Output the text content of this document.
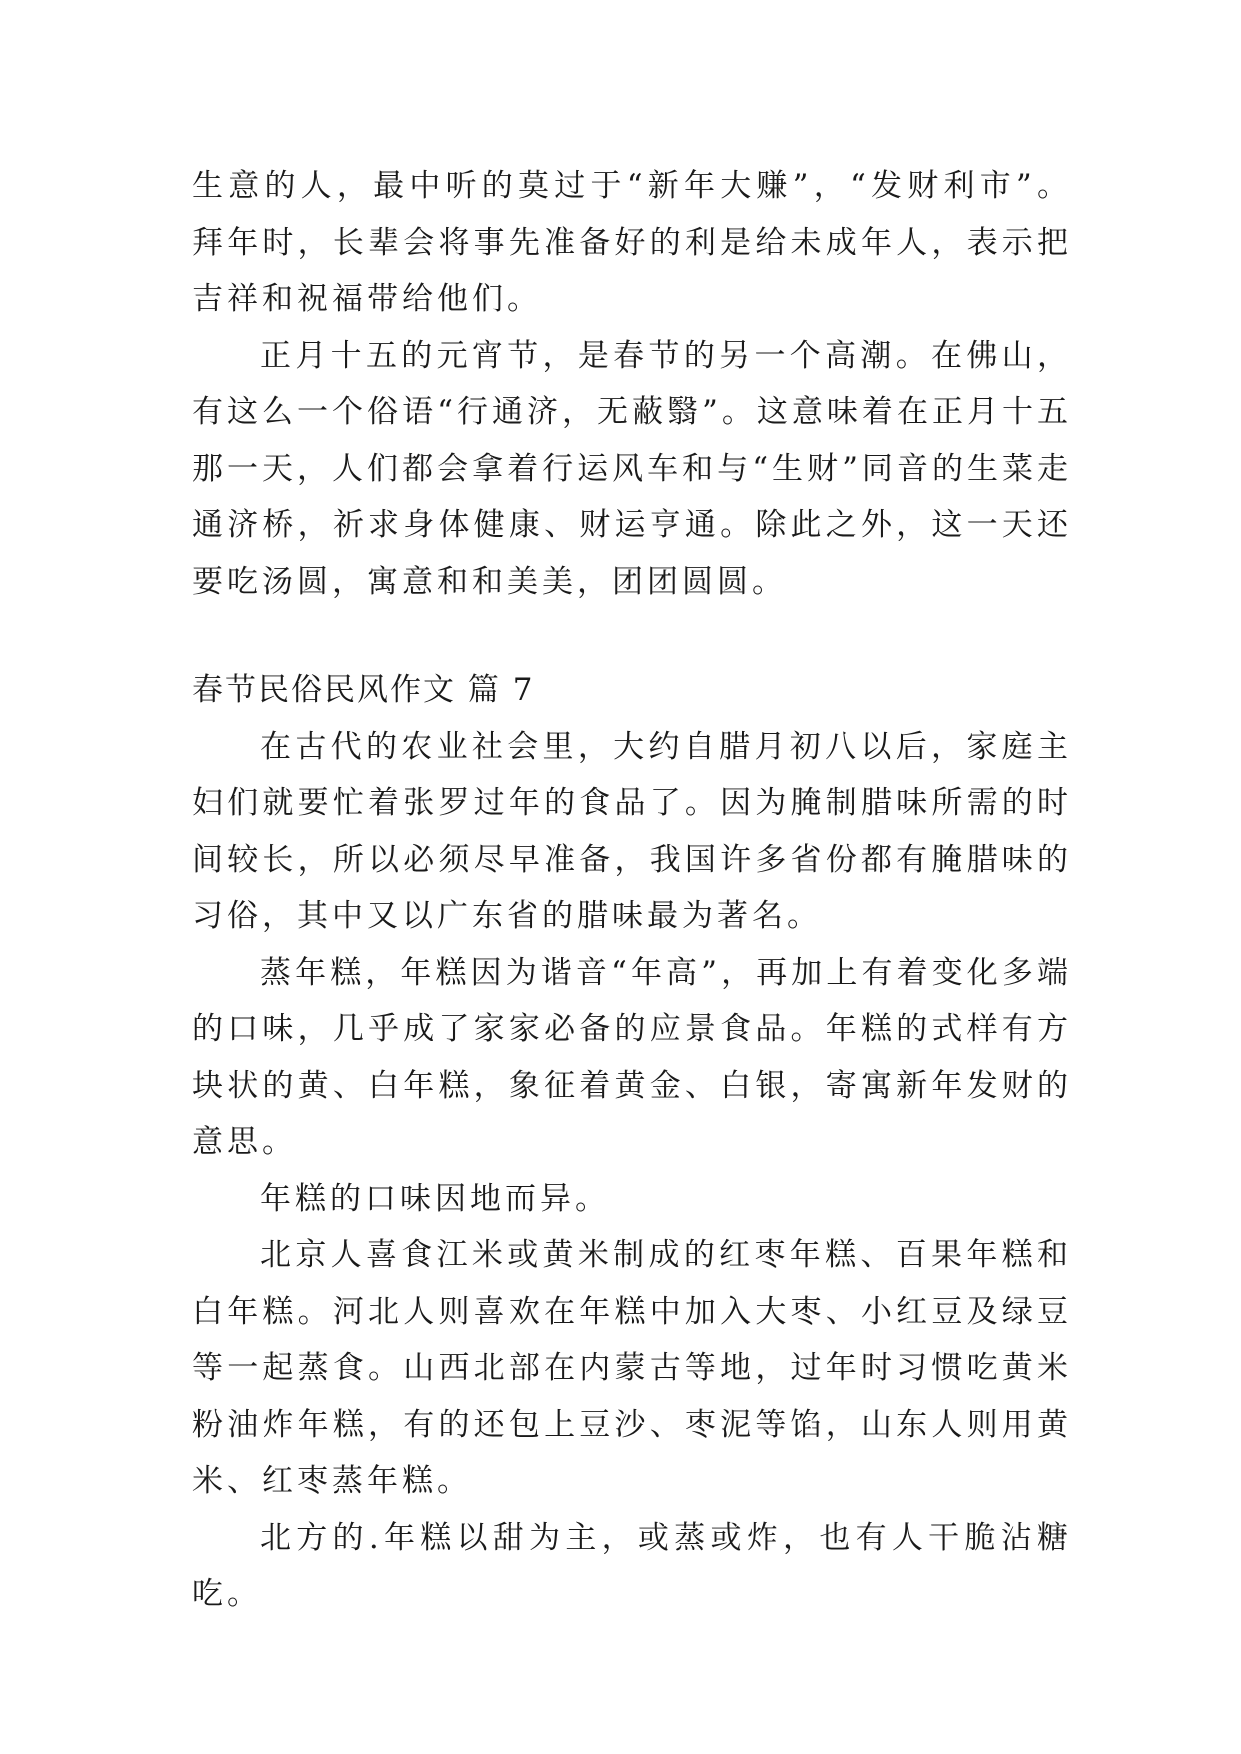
生意的人，最中听的莫过于“新年大赚”，“发财利市”。拜年时，长辈会将事先准备好的利是给未成年人，表示把吉祥和祝福带给他们。

正月十五的元宵节，是春节的另一个高潮。在佛山，有这么一个俗语“行通济，无蔽翳”。这意味着在正月十五那一天，人们都会拿着行运风车和与“生财”同音的生菜走通济桥，祈求身体健康、财运亨通。除此之外，这一天还要吃汤圆，寓意和和美美，团团圆圆。

春节民俗民风作文 篇 7

在古代的农业社会里，大约自腊月初八以后，家庭主妇们就要忙着张罗过年的食品了。因为腌制腊味所需的时间较长，所以必须尽早准备，我国许多省份都有腌腊味的习俗，其中又以广东省的腊味最为著名。

蒸年糕，年糕因为谐音“年高”，再加上有着变化多端的口味，几乎成了家家必备的应景食品。年糕的式样有方块状的黄、白年糕，象征着黄金、白银，寄寓新年发财的意思。

年糕的口味因地而异。

北京人喜食江米或黄米制成的红枣年糕、百果年糕和白年糕。河北人则喜欢在年糕中加入大枣、小红豆及绿豆等一起蒸食。山西北部在内蒙古等地，过年时习惯吃黄米粉油炸年糕，有的还包上豆沙、枣泥等馅，山东人则用黄米、红枣蒸年糕。

北方的.年糕以甜为主，或蒸或炸，也有人干脆沾糖吃。
